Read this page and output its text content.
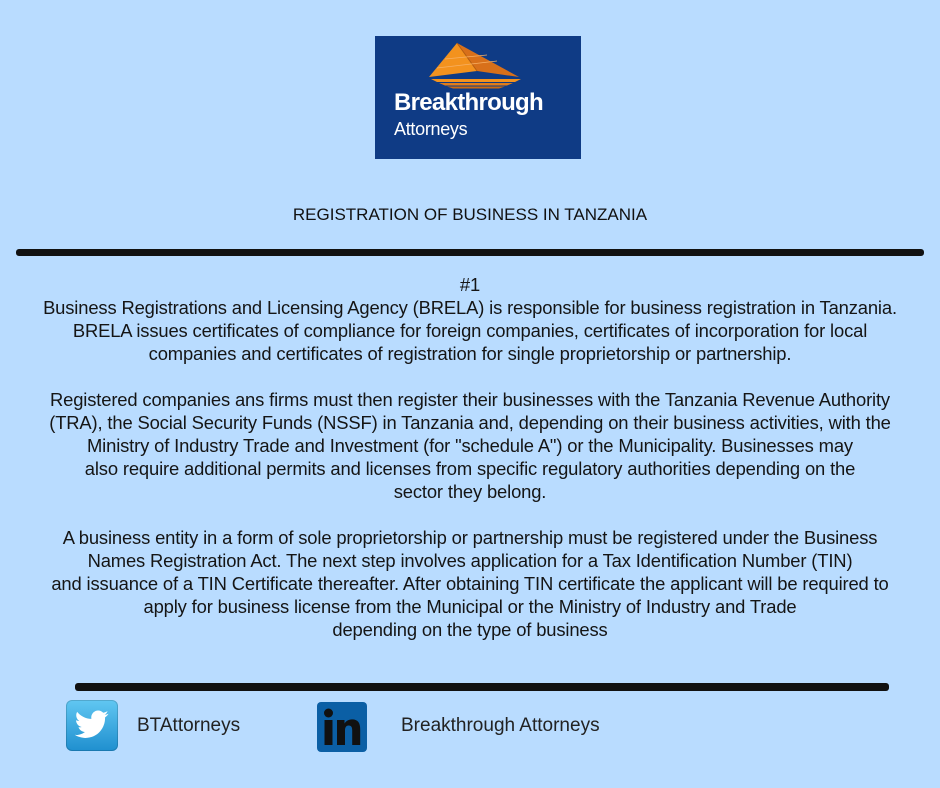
Breakthrough
Attorneys
REGISTRATION OF BUSINESS IN TANZANIA
#1
Business Registrations and Licensing Agency (BRELA) is responsible for business registration in Tanzania.
BRELA issues certificates of compliance for foreign companies, certificates of incorporation for local
companies and certificates of registration for single proprietorship or partnership.
Registered companies ans firms must then register their businesses with the Tanzania Revenue Authority
(TRA), the Social Security Funds (NSSF) in Tanzania and, depending on their business activities, with the
Ministry of Industry Trade and Investment (for "schedule A") or the Municipality. Businesses may
also require additional permits and licenses from specific regulatory authorities depending on the
sector they belong.
A business entity in a form of sole proprietorship or partnership must be registered under the Business
Names Registration Act. The next step involves application for a Tax Identification Number (TIN)
and issuance of a TIN Certificate thereafter. After obtaining TIN certificate the applicant will be required to
apply for business license from the Municipal or the Ministry of Industry and Trade
depending on the type of business
BTAttorneys	Breakthrough Attorneys
